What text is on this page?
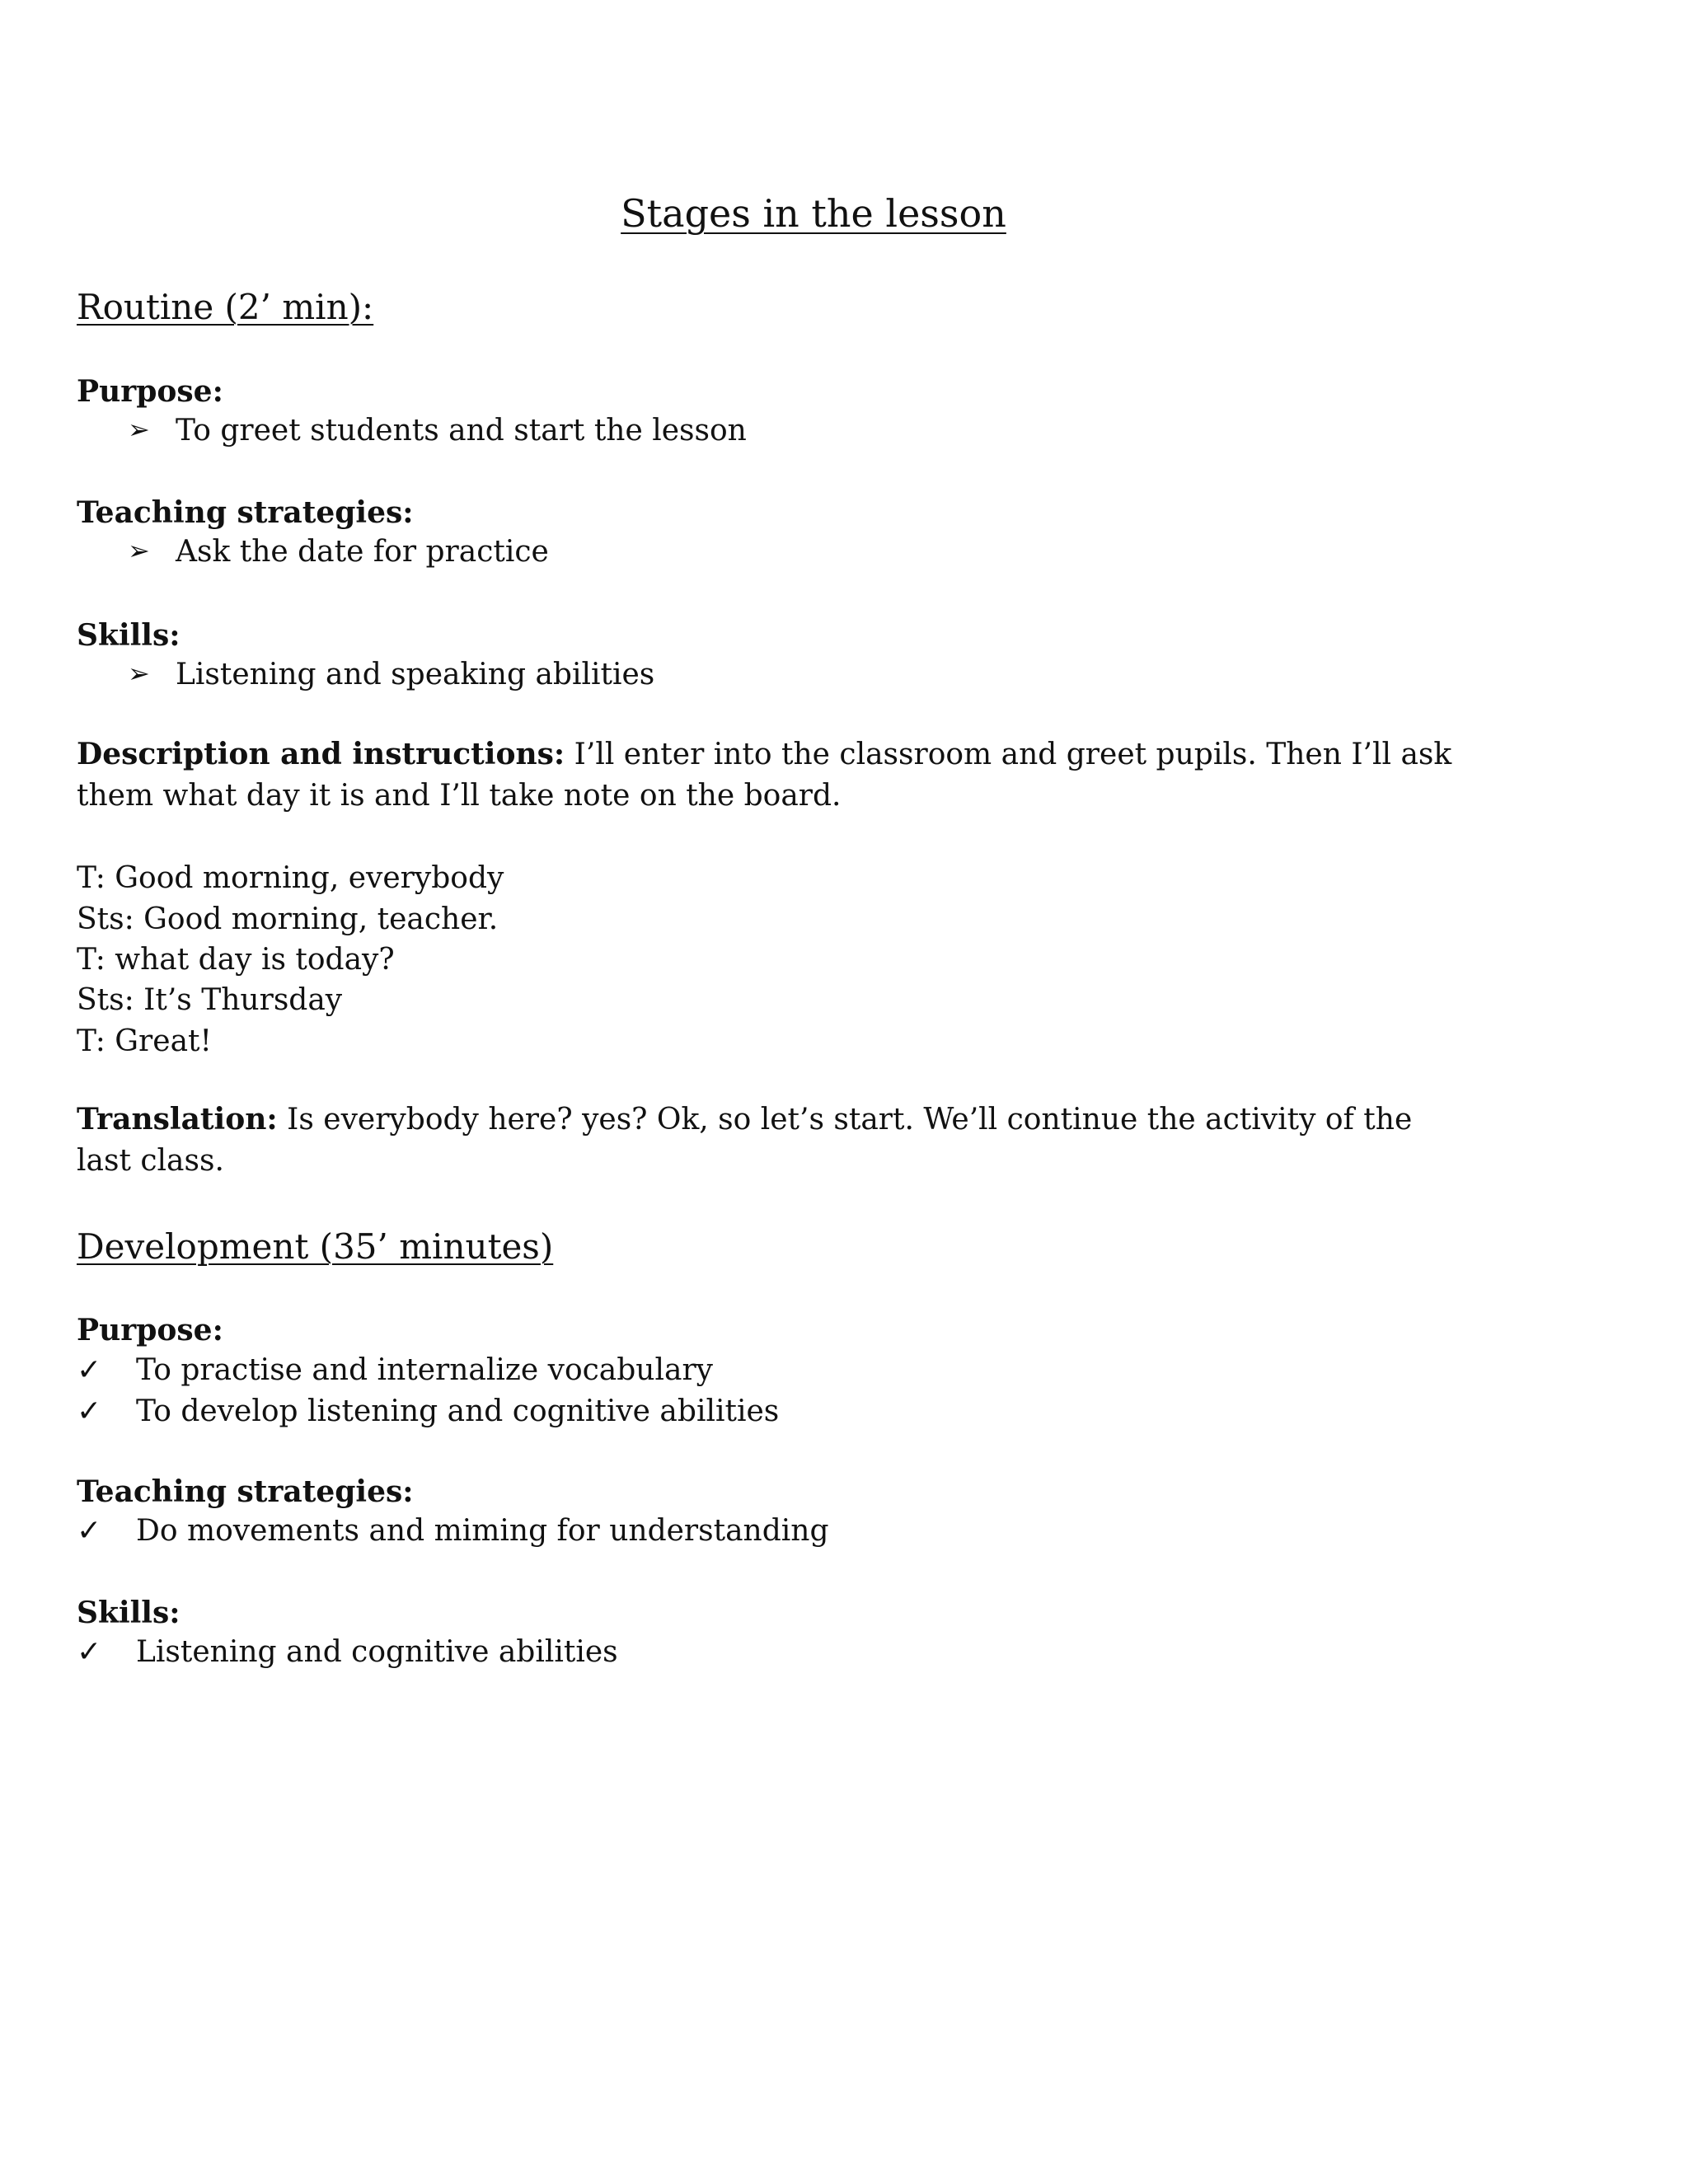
Stages in the lesson
Routine (2’ min):
Purpose:
➢ To greet students and start the lesson
Teaching strategies:
➢ Ask the date for practice
Skills:
➢ Listening and speaking abilities
Description and instructions: I’ll enter into the classroom and greet pupils. Then I’ll ask them what day it is and I’ll take note on the board.
T: Good morning, everybody
Sts: Good morning, teacher.
T: what day is today?
Sts: It’s Thursday
T: Great!
Translation: Is everybody here? yes? Ok, so let’s start. We’ll continue the activity of the last class.
Development (35’ minutes)
Purpose:
✓ To practise and internalize vocabulary
✓ To develop listening and cognitive abilities
Teaching strategies:
✓ Do movements and miming for understanding
Skills:
✓ Listening and cognitive abilities
